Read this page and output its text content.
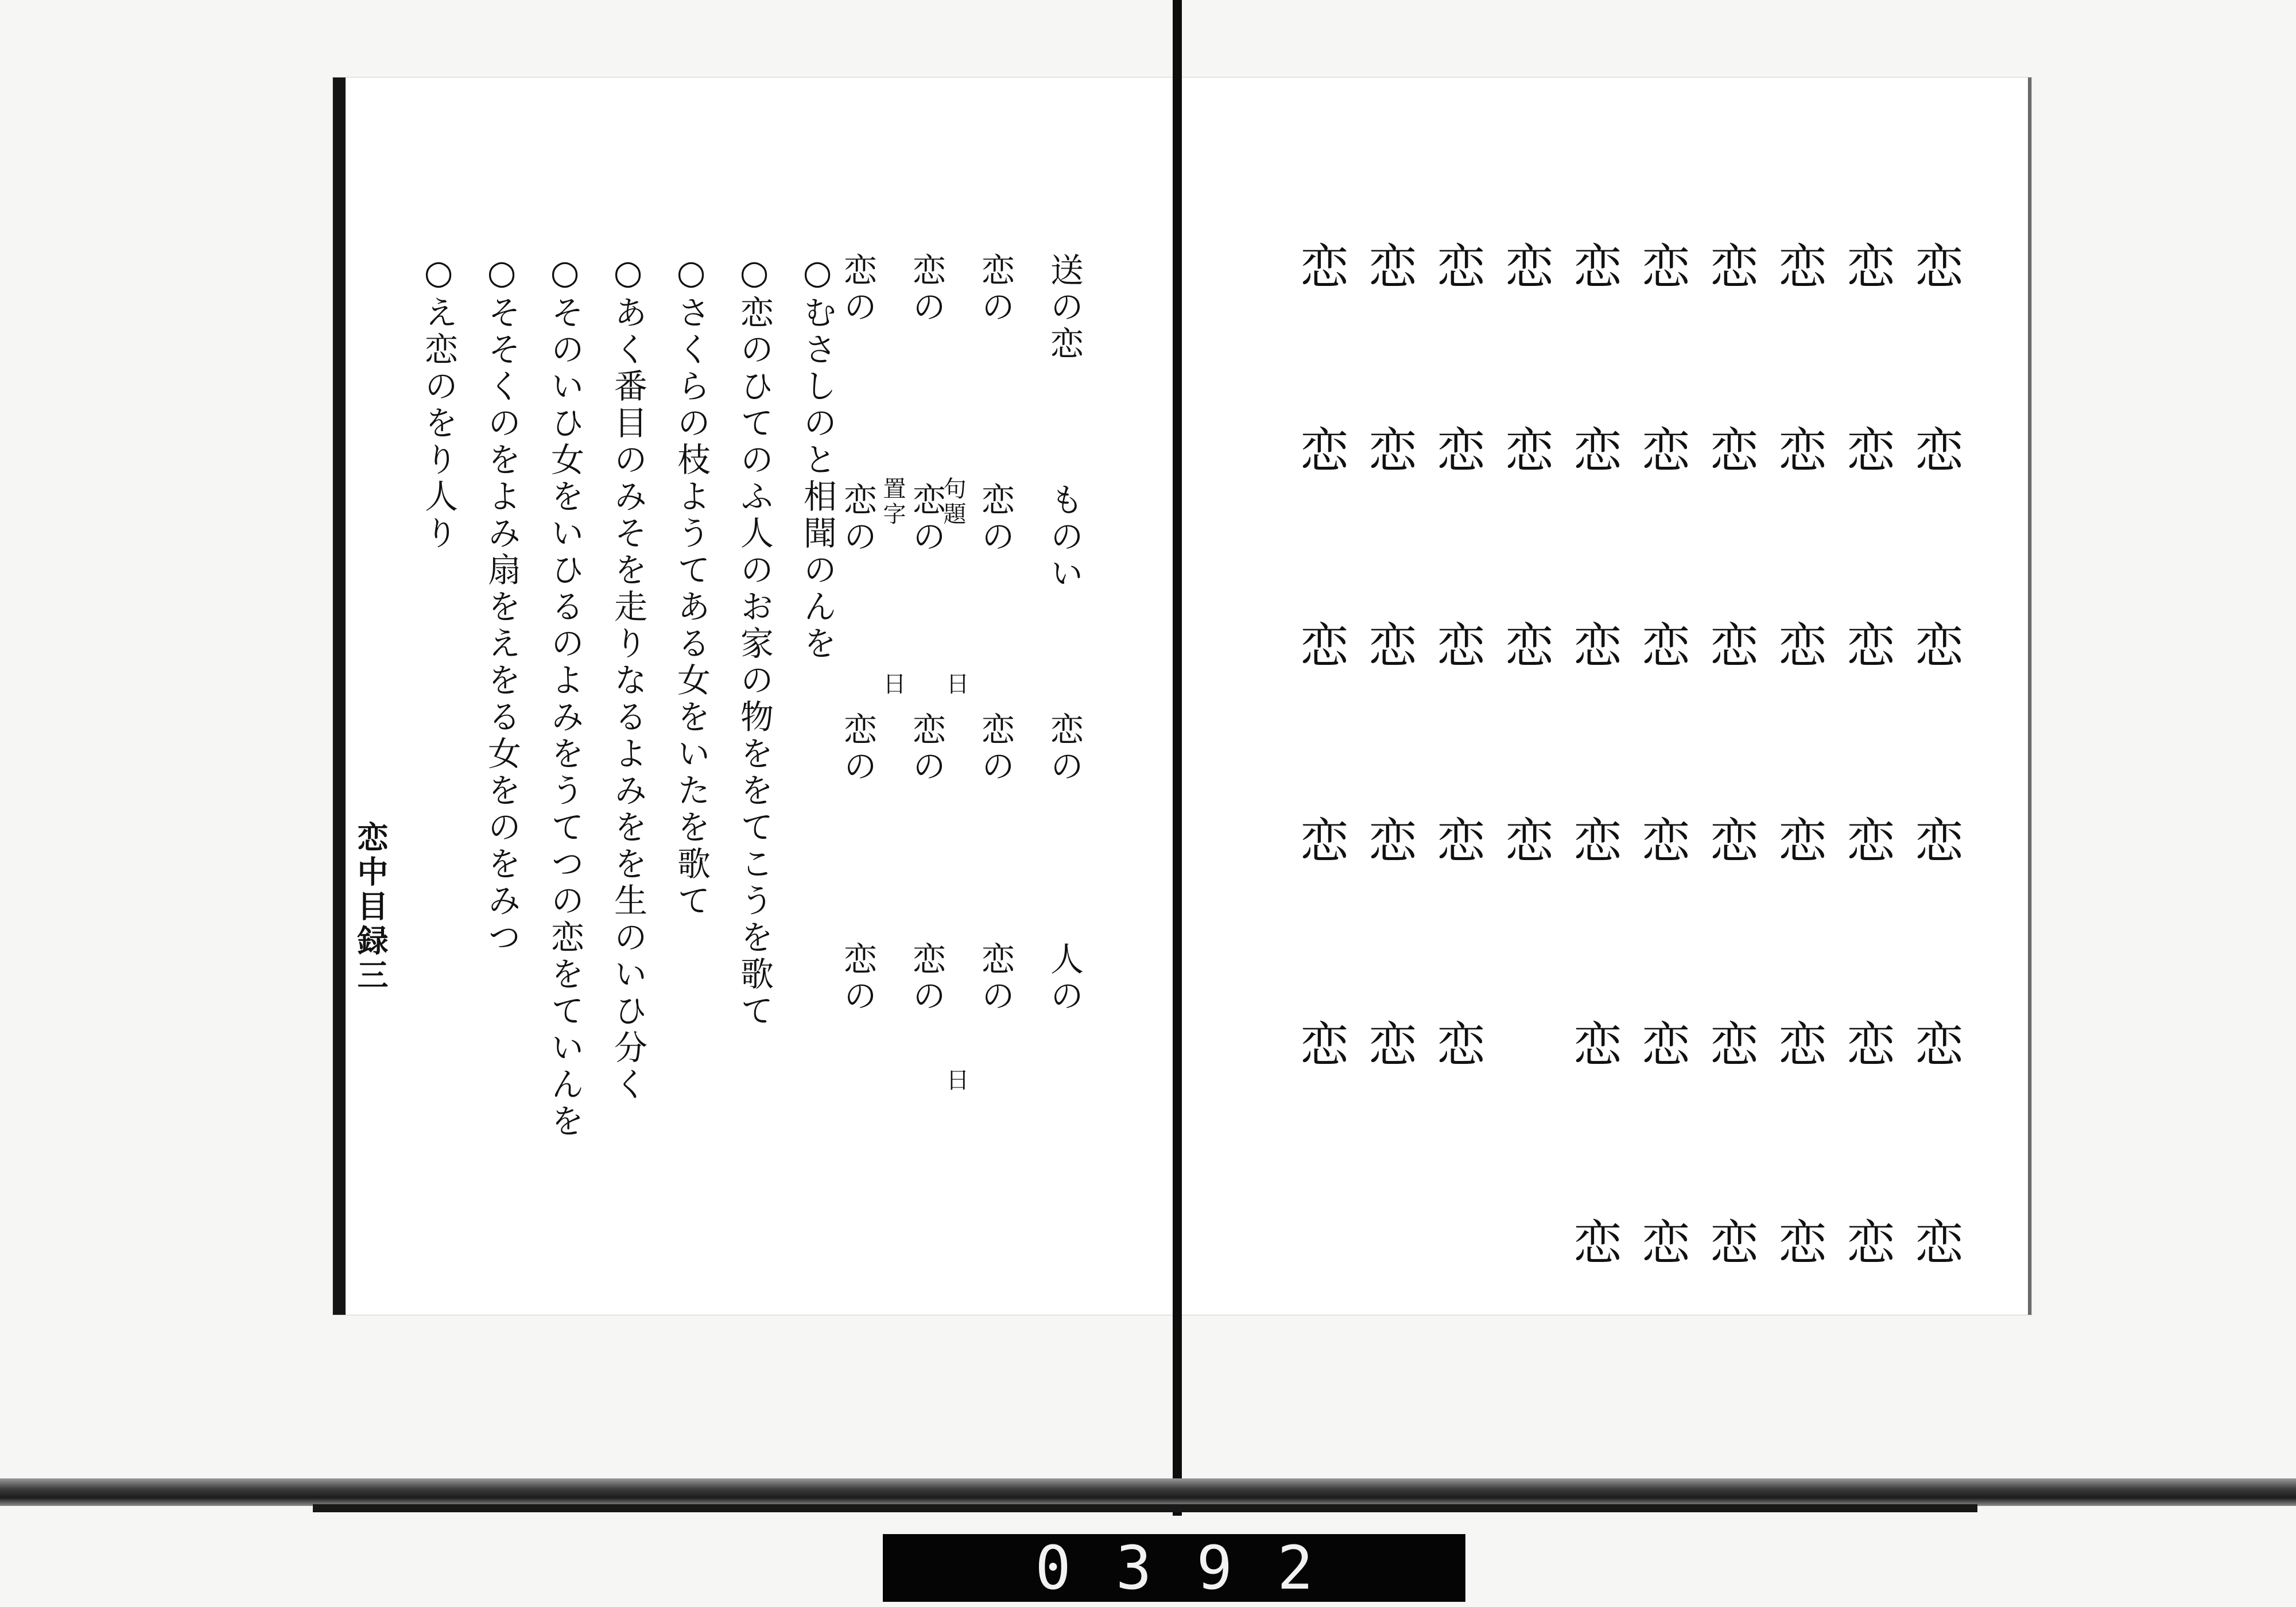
恋
恋
恋
恋
恋
恋
恋
恋
恋
恋
恋
恋
恋
恋
恋
恋
恋
恋
恋
恋
恋
恋
恋
恋
恋
恋
恋
恋
恋
恋
恋
恋
恋
恋
恋
恋
恋
恋
恋
恋
恋
恋
恋
恋
恋
恋
恋
恋
恋
恋
恋
恋
恋
恋
恋
○むさしのと相聞のんを
○恋のひてのふ人のお家の物ををてこうを歌て
○さくらの枝ようてある女をいたを歌て
○あく番目のみそを走りなるよみをを生のいひ分く
○そのいひ女をいひるのよみをうてつの恋をていんを
○そそくのをよみ扇をえをる女をのをみつ
○え恋のをり人り	送の恋
ものい
恋の
人の
恋の
恋の
恋の
恋の
恋の
恋の
恋の
恋の
恋の
恋の
恋の
恋の
句題
置字
日 日
日
恋中目録三
0392
